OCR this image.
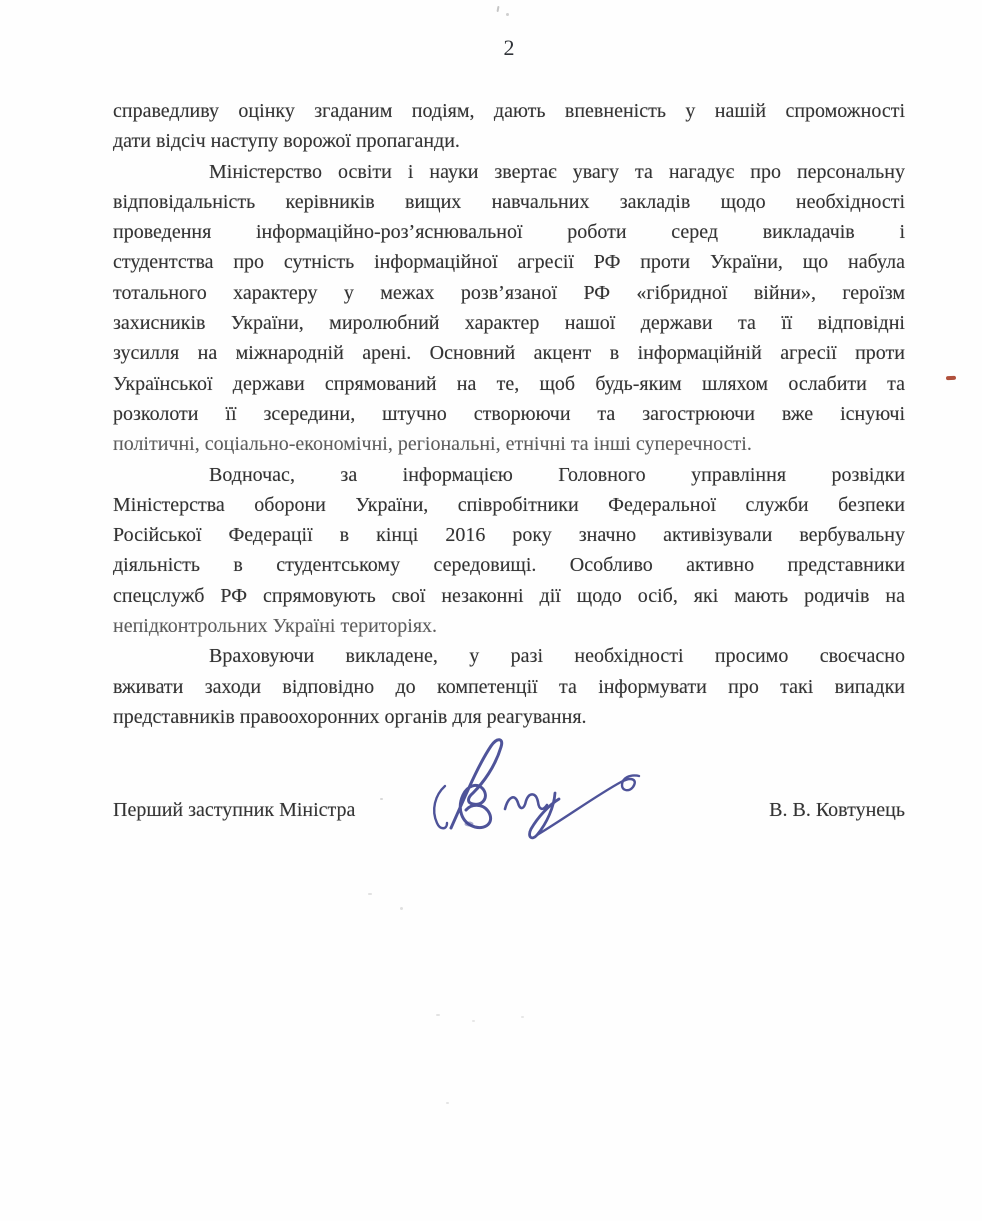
2
справедливу оцінку згаданим подіям, дають впевненість у нашій спроможності
дати відсіч наступу ворожої пропаганди.
Міністерство освіти і науки звертає увагу та нагадує про персональну
відповідальність керівників вищих навчальних закладів щодо необхідності
проведення інформаційно-роз’яснювальної роботи серед викладачів і
студентства про сутність інформаційної агресії РФ проти України, що набула
тотального характеру у межах розв’язаної РФ «гібридної війни», героїзм
захисників України, миролюбний характер нашої держави та її відповідні
зусилля на міжнародній арені. Основний акцент в інформаційній агресії проти
Української держави спрямований на те, щоб будь-яким шляхом ослабити та
розколоти її зсередини, штучно створюючи та загострюючи вже існуючі
політичні, соціально-економічні, регіональні, етнічні та інші суперечності.
Водночас, за інформацією Головного управління розвідки
Міністерства оборони України, співробітники Федеральної служби безпеки
Російської Федерації в кінці 2016 року значно активізували вербувальну
діяльність в студентському середовищі. Особливо активно представники
спецслужб РФ спрямовують свої незаконні дії щодо осіб, які мають родичів на
непідконтрольних Україні територіях.
Враховуючи викладене, у разі необхідності просимо своєчасно
вживати заходи відповідно до компетенції та інформувати про такі випадки
представників правоохоронних органів для реагування.
Перший заступник Міністра	В. В. Ковтунець
